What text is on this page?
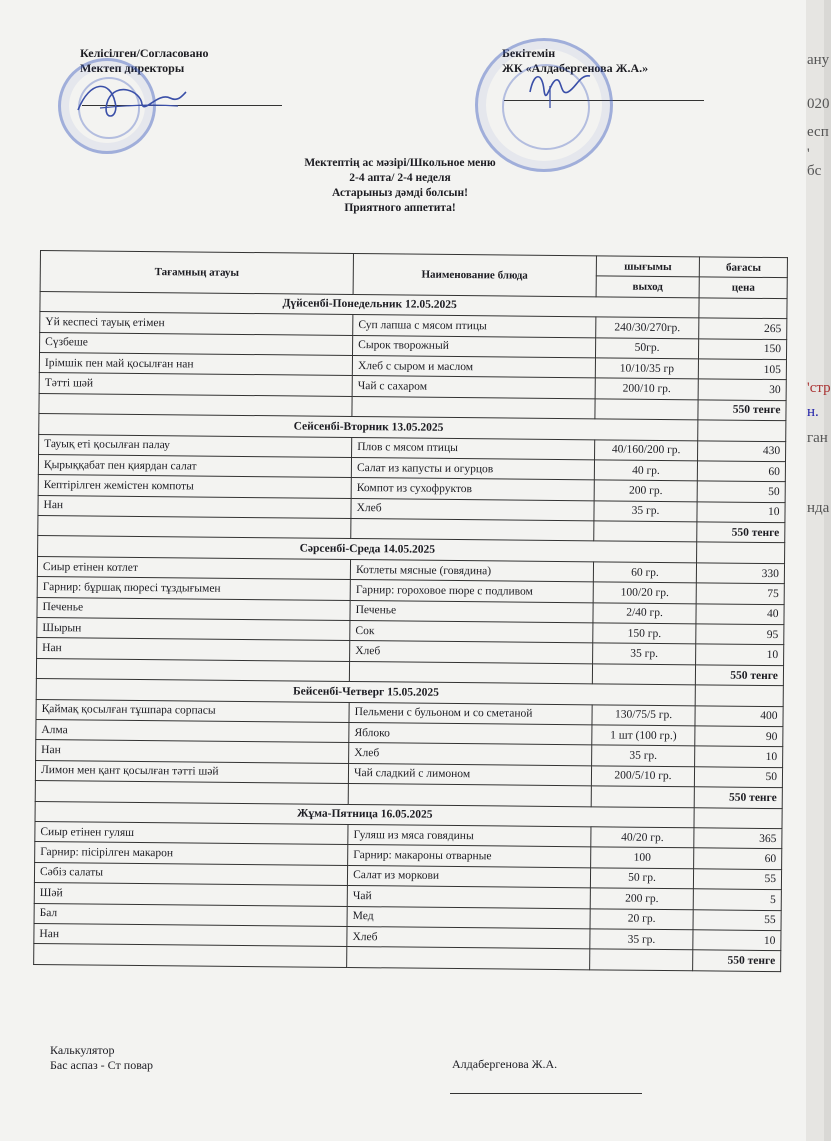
Келісілген/Согласовано
Мектеп директоры
Бекітемін
ЖК «Алдабергенова Ж.А.»
Мектептің ас мәзірі/Школьное меню
2-4 апта/ 2-4 неделя
Астарыныз дәмді болсын!
Приятного аппетита!
Тағамның атауы	Наименование блюда	шығымы	бағасы
		выход	цена
Дүйсенбі-Понедельник 12.05.2025			
Үй кеспесі тауық етімен	Суп лапша с мясом птицы	240/30/270гр.	265
Сүзбеше	Сырок творожный	50гр.	150
Ірімшік пен май қосылған нан	Хлеб с сыром и маслом	10/10/35 гр	105
Тәтті шәй	Чай с сахаром	200/10 гр.	30
			550 тенге
Сейсенбі-Вторник 13.05.2025			
Тауық еті қосылған палау	Плов с мясом птицы	40/160/200 гр.	430
Қырыққабат пен қиярдан салат	Салат из капусты и огурцов	40 гр.	60
Кептірілген жемістен компоты	Компот из сухофруктов	200 гр.	50
Нан	Хлеб	35 гр.	10
			550 тенге
Сәрсенбі-Среда 14.05.2025			
Сиыр етінен котлет	Котлеты мясные (говядина)	60 гр.	330
Гарнир: бұршақ пюресі тұздығымен	Гарнир: гороховое пюре с подливом	100/20 гр.	75
Печенье	Печенье	2/40 гр.	40
Шырын	Сок	150 гр.	95
Нан	Хлеб	35 гр.	10
			550 тенге
Бейсенбі-Четверг 15.05.2025			
Қаймақ қосылған тұшпара сорпасы	Пельмени с бульоном и со сметаной	130/75/5 гр.	400
Алма	Яблоко	1 шт (100 гр.)	90
Нан	Хлеб	35 гр.	10
Лимон мен қант қосылған тәтті шәй	Чай сладкий с лимоном	200/5/10 гр.	50
			550 тенге
Жұма-Пятница 16.05.2025			
Сиыр етінен гуляш	Гуляш из мяса говядины	40/20 гр.	365
Гарнир: пісірілген макарон	Гарнир: макароны отварные	100	60
Сәбіз салаты	Салат из моркови	50 гр.	55
Шәй	Чай	200 гр.	5
Бал	Мед	20 гр.	55
Нан	Хлеб	35 гр.	10
			550 тенге
Калькулятор
Бас аспаз - Ст повар	Алдабергенова Ж.А.
ану
020
есп
' бс
'стр
н.
ган
нда
